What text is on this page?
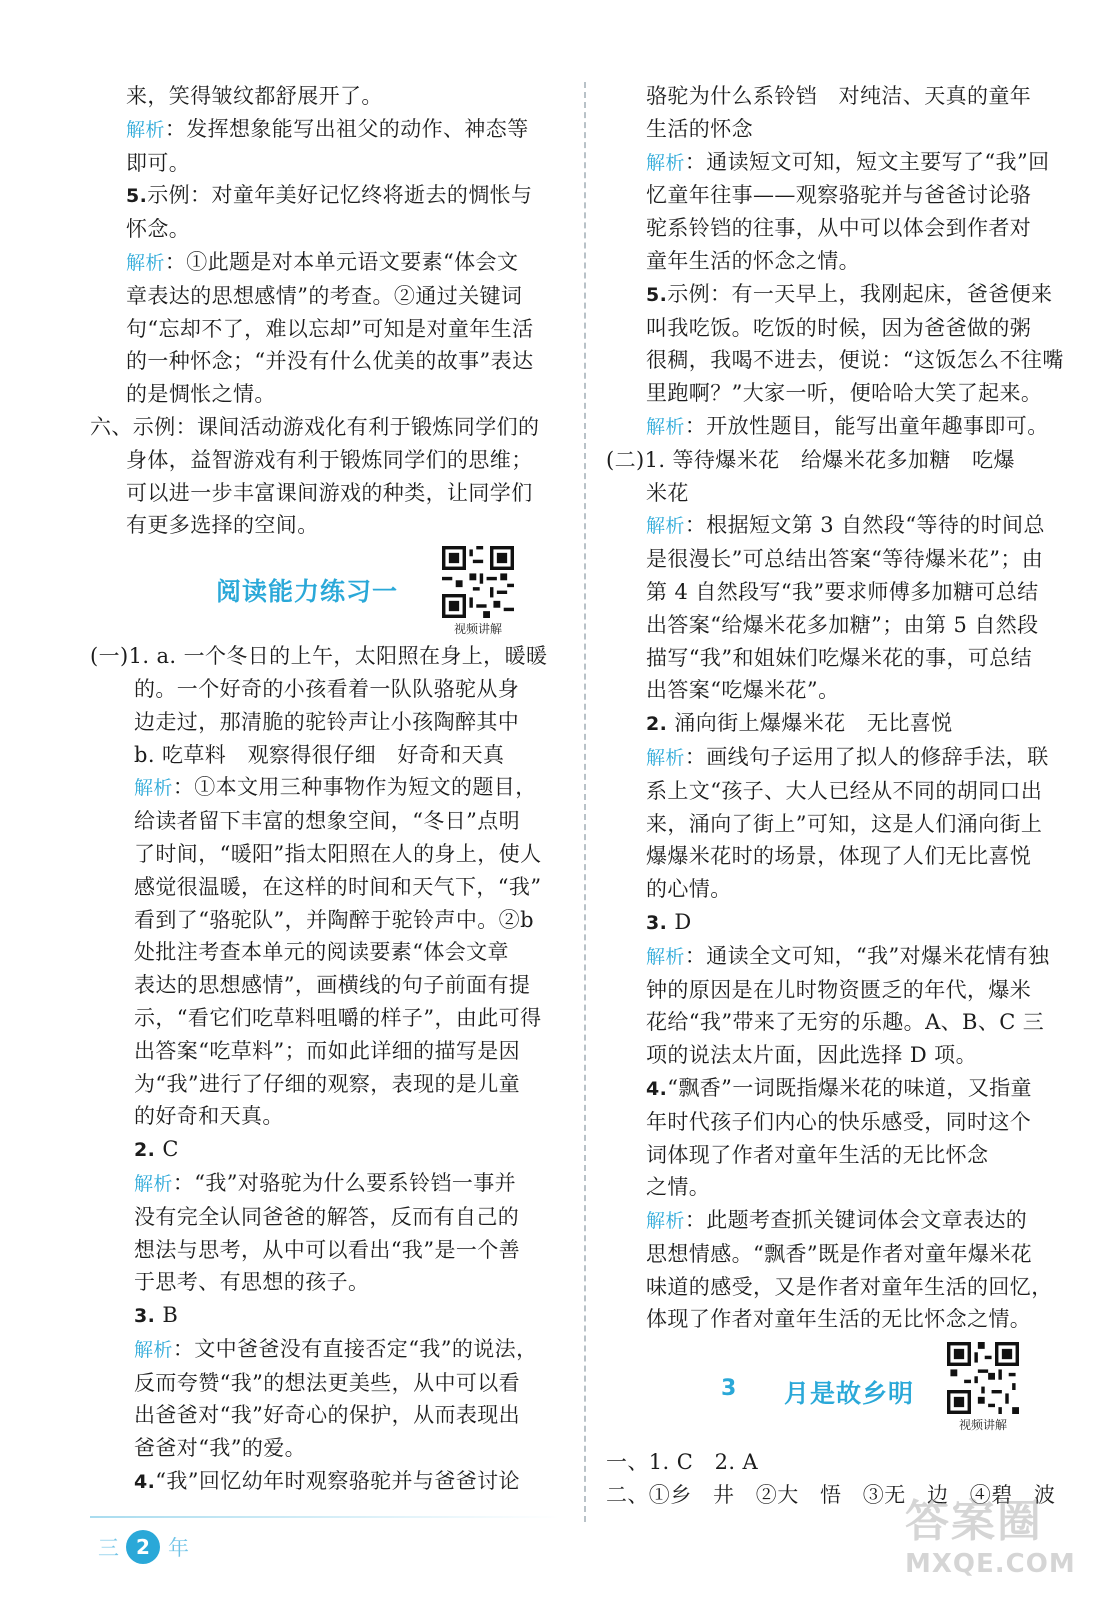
来，笑得皱纹都舒展开了。
解析：发挥想象能写出祖父的动作、神态等
即可。
5.示例：对童年美好记忆终将逝去的惆怅与
怀念。
解析：①此题是对本单元语文要素“体会文
章表达的思想感情”的考查。②通过关键词
句“忘却不了，难以忘却”可知是对童年生活
的一种怀念；“并没有什么优美的故事”表达
的是惆怅之情。
六、示例：课间活动游戏化有利于锻炼同学们的
身体，益智游戏有利于锻炼同学们的思维；
可以进一步丰富课间游戏的种类，让同学们
有更多选择的空间。
阅读能力练习一
视频讲解
(一)1. a. 一个冬日的上午，太阳照在身上，暖暖
的。一个好奇的小孩看着一队队骆驼从身
边走过，那清脆的驼铃声让小孩陶醉其中
b. 吃草料　观察得很仔细　好奇和天真
解析：①本文用三种事物作为短文的题目，
给读者留下丰富的想象空间，“冬日”点明
了时间，“暖阳”指太阳照在人的身上，使人
感觉很温暖，在这样的时间和天气下，“我”
看到了“骆驼队”，并陶醉于驼铃声中。②b
处批注考查本单元的阅读要素“体会文章
表达的思想感情”，画横线的句子前面有提
示，“看它们吃草料咀嚼的样子”，由此可得
出答案“吃草料”；而如此详细的描写是因
为“我”进行了仔细的观察，表现的是儿童
的好奇和天真。
2. C
解析：“我”对骆驼为什么要系铃铛一事并
没有完全认同爸爸的解答，反而有自己的
想法与思考，从中可以看出“我”是一个善
于思考、有思想的孩子。
3. B
解析：文中爸爸没有直接否定“我”的说法，
反而夸赞“我”的想法更美些，从中可以看
出爸爸对“我”好奇心的保护，从而表现出
爸爸对“我”的爱。
4.“我”回忆幼年时观察骆驼并与爸爸讨论
骆驼为什么系铃铛　对纯洁、天真的童年
生活的怀念
解析：通读短文可知，短文主要写了“我”回
忆童年往事——观察骆驼并与爸爸讨论骆
驼系铃铛的往事，从中可以体会到作者对
童年生活的怀念之情。
5.示例：有一天早上，我刚起床，爸爸便来
叫我吃饭。吃饭的时候，因为爸爸做的粥
很稠，我喝不进去，便说：“这饭怎么不往嘴
里跑啊？”大家一听，便哈哈大笑了起来。
解析：开放性题目，能写出童年趣事即可。
(二)1. 等待爆米花　给爆米花多加糖　吃爆
米花
解析：根据短文第 3 自然段“等待的时间总
是很漫长”可总结出答案“等待爆米花”；由
第 4 自然段写“我”要求师傅多加糖可总结
出答案“给爆米花多加糖”；由第 5 自然段
描写“我”和姐妹们吃爆米花的事，可总结
出答案“吃爆米花”。
2. 涌向街上爆爆米花　无比喜悦
解析：画线句子运用了拟人的修辞手法，联
系上文“孩子、大人已经从不同的胡同口出
来，涌向了街上”可知，这是人们涌向街上
爆爆米花时的场景，体现了人们无比喜悦
的心情。
3. D
解析：通读全文可知，“我”对爆米花情有独
钟的原因是在儿时物资匮乏的年代，爆米
花给“我”带来了无穷的乐趣。A、B、C 三
项的说法太片面，因此选择 D 项。
4.“飘香”一词既指爆米花的味道，又指童
年时代孩子们内心的快乐感受，同时这个
词体现了作者对童年生活的无比怀念
之情。
解析：此题考查抓关键词体会文章表达的
思想情感。“飘香”既是作者对童年爆米花
味道的感受，又是作者对童年生活的回忆，
体现了作者对童年生活的无比怀念之情。
3 月是故乡明
视频讲解
一、1. C　2. A
二、①乡　井　②大　悟　③无　边　④碧　波
三 2 年
答案圈
MXQE.COM
